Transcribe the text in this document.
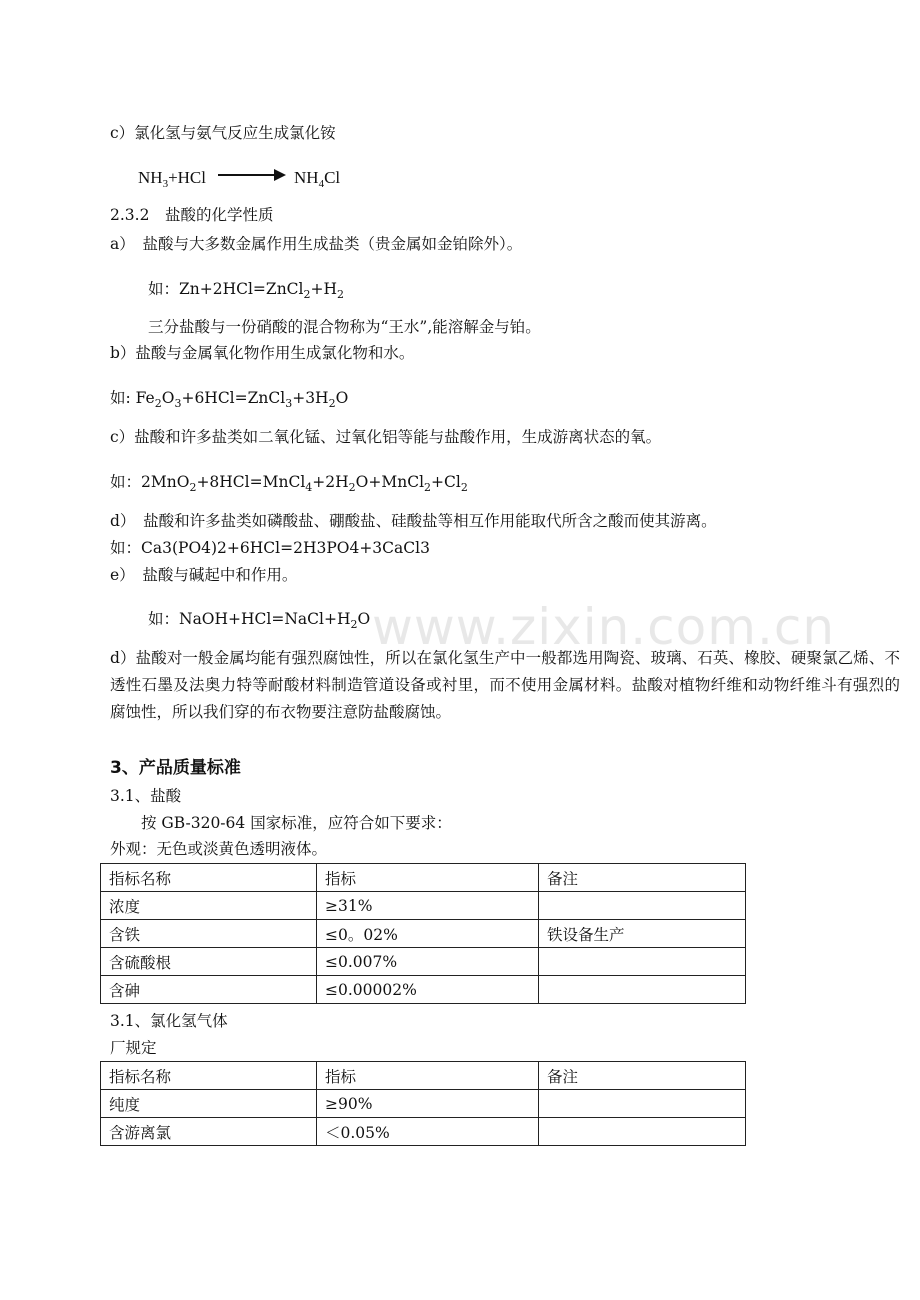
www.zixin.com.cn
c）氯化氢与氨气反应生成氯化铵
$NH_3+HCl \to NH_4Cl$
2.3.2　盐酸的化学性质
a）　盐酸与大多数金属作用生成盐类（贵金属如金铂除外）。
如：$Zn+2HCl=ZnCl_2+H_2$
三分盐酸与一份硝酸的混合物称为“王水”,能溶解金与铂。
b）盐酸与金属氧化物作用生成氯化物和水。
如: $Fe_2O_3+6HCl=ZnCl_3+3H_2O$
c）盐酸和许多盐类如二氧化锰、过氧化铝等能与盐酸作用，生成游离状态的氧。
如：$2MnO_2+8HCl=MnCl_4+2H_2O+MnCl_2+Cl_2$
d）　盐酸和许多盐类如磷酸盐、硼酸盐、硅酸盐等相互作用能取代所含之酸而使其游离。
如：Ca3(PO4)2+6HCl=2H3PO4+3CaCl3
e）　盐酸与碱起中和作用。
如：$NaOH+HCl=NaCl+H_2O$
d）盐酸对一般金属均能有强烈腐蚀性，所以在氯化氢生产中一般都选用陶瓷、玻璃、石英、橡胶、硬聚氯乙烯、不透性石墨及法奥力特等耐酸材料制造管道设备或衬里，而不使用金属材料。盐酸对植物纤维和动物纤维斗有强烈的腐蚀性，所以我们穿的布衣物要注意防盐酸腐蚀。
3、产品质量标准
3.1、盐酸
按 GB-320-64 国家标准，应符合如下要求：
外观：无色或淡黄色透明液体。
指标名称	指标	备注
浓度	≥31%	
含铁	≤0。02%	铁设备生产
含硫酸根	≤0.007%	
含砷	≤0.00002%	
3.1、氯化氢气体
厂规定
指标名称	指标	备注
纯度	≥90%	
含游离氯	＜0.05%	
